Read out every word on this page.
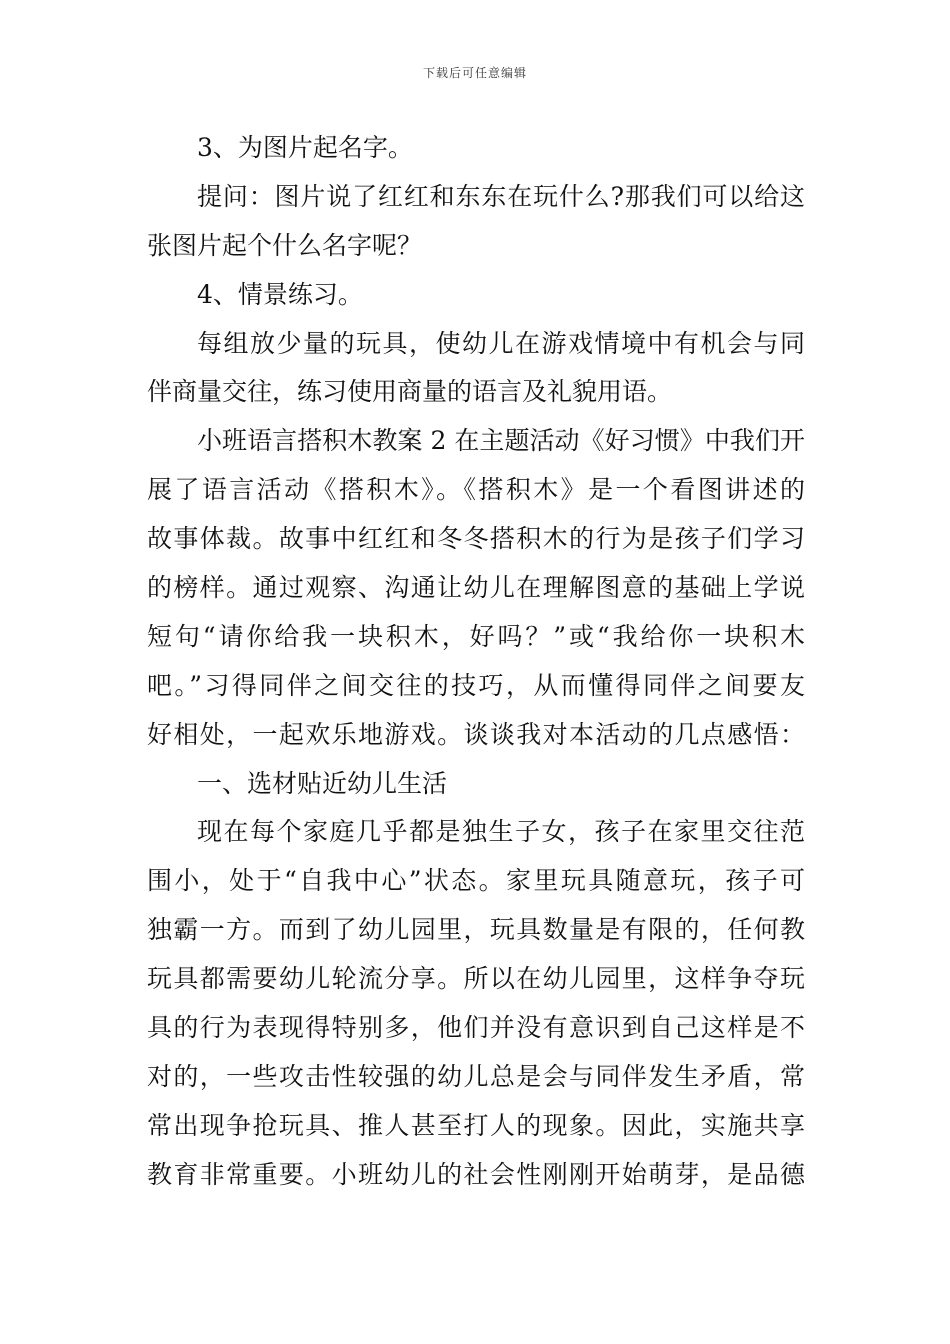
下载后可任意编辑
3、为图片起名字。
提问：图片说了红红和东东在玩什么?那我们可以给这
张图片起个什么名字呢？
4、情景练习。
每组放少量的玩具，使幼儿在游戏情境中有机会与同
伴商量交往，练习使用商量的语言及礼貌用语。
小班语言搭积木教案 2 在主题活动《好习惯》中我们开
展了语言活动《搭积木》。《搭积木》是一个看图讲述的
故事体裁。故事中红红和冬冬搭积木的行为是孩子们学习
的榜样。通过观察、沟通让幼儿在理解图意的基础上学说
短句“请你给我一块积木，好吗？”或“我给你一块积木
吧。”习得同伴之间交往的技巧，从而懂得同伴之间要友
好相处，一起欢乐地游戏。谈谈我对本活动的几点感悟：
一、选材贴近幼儿生活
现在每个家庭几乎都是独生子女，孩子在家里交往范
围小，处于“自我中心”状态。家里玩具随意玩，孩子可
独霸一方。而到了幼儿园里，玩具数量是有限的，任何教
玩具都需要幼儿轮流分享。所以在幼儿园里，这样争夺玩
具的行为表现得特别多，他们并没有意识到自己这样是不
对的，一些攻击性较强的幼儿总是会与同伴发生矛盾，常
常出现争抢玩具、推人甚至打人的现象。因此，实施共享
教育非常重要。小班幼儿的社会性刚刚开始萌芽，是品德
